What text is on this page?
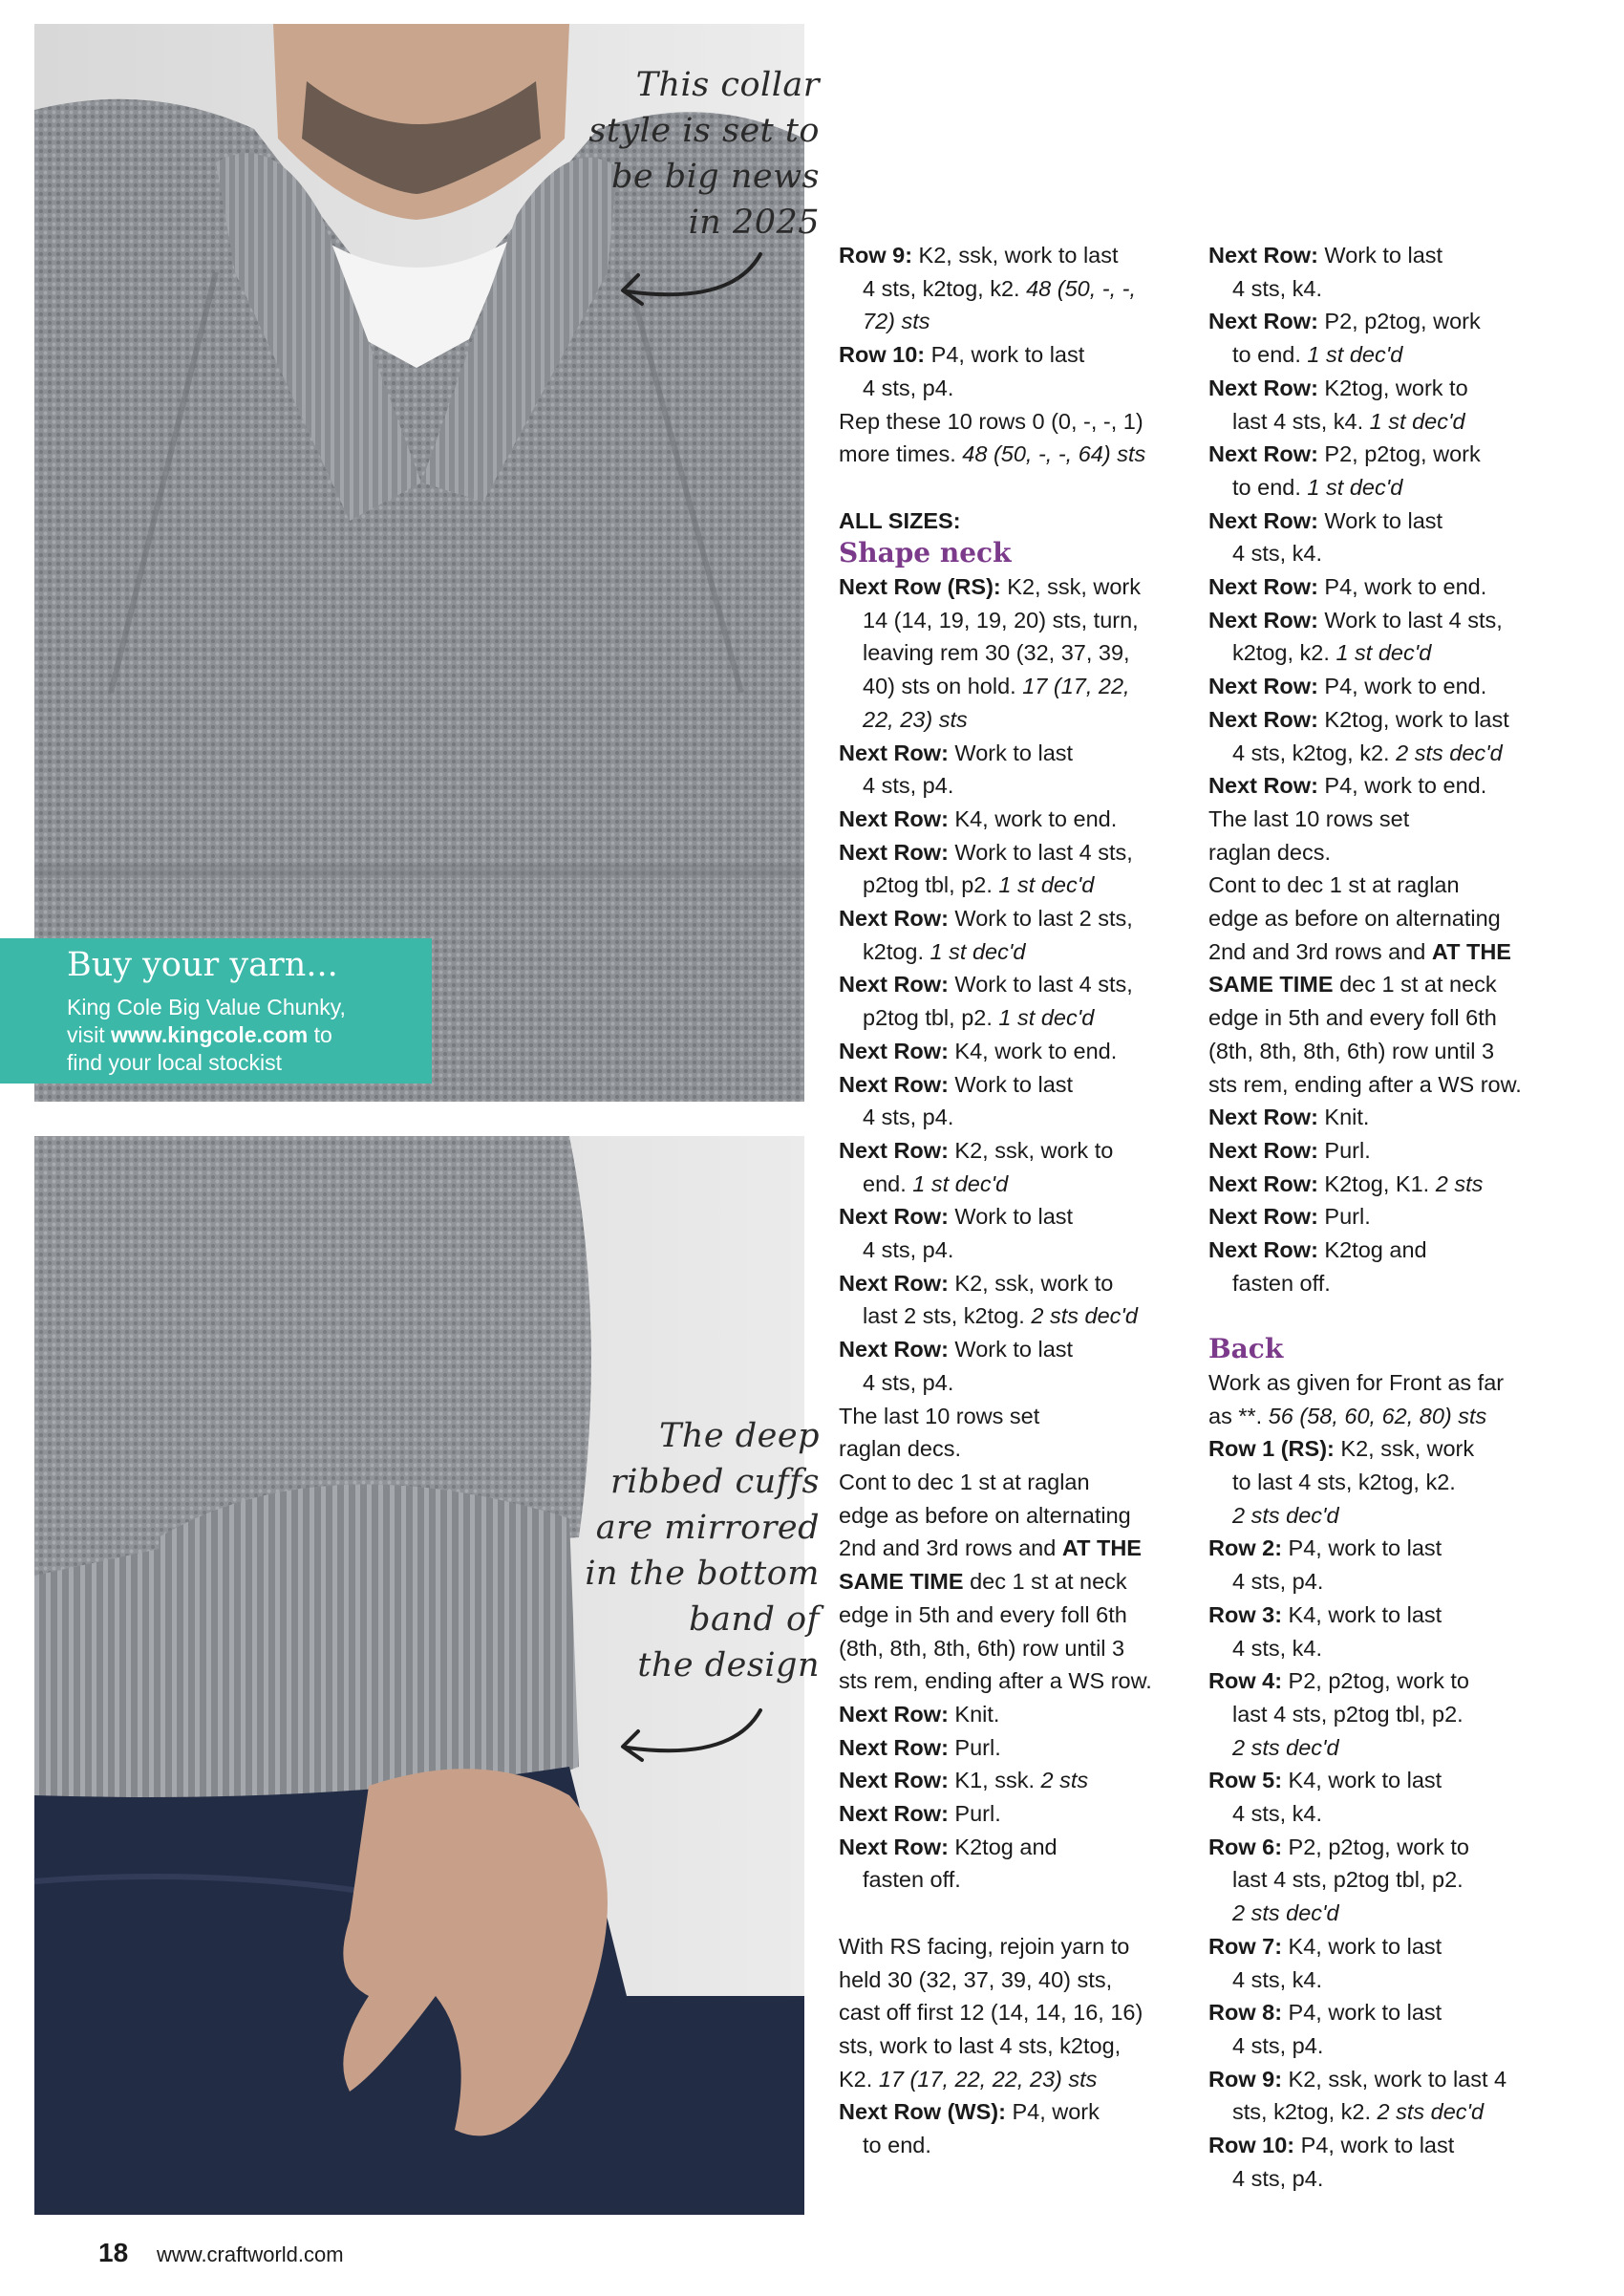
This collar
style is set to
be big news
in 2025
Buy your yarn...
King Cole Big Value Chunky,
visit www.kingcole.com to
find your local stockist
The deep
ribbed cuffs
are mirrored
in the bottom
band of
the design
Row 9: K2, ssk, work to last
4 sts, k2tog, k2. 48 (50, -, -,
72) sts
Row 10: P4, work to last
4 sts, p4.
Rep these 10 rows 0 (0, -, -, 1)
more times. 48 (50, -, -, 64) sts
ALL SIZES:
Shape neck
Next Row (RS): K2, ssk, work
14 (14, 19, 19, 20) sts, turn,
leaving rem 30 (32, 37, 39,
40) sts on hold. 17 (17, 22,
22, 23) sts
Next Row: Work to last
4 sts, p4.
Next Row: K4, work to end.
Next Row: Work to last 4 sts,
p2tog tbl, p2. 1 st dec'd
Next Row: Work to last 2 sts,
k2tog. 1 st dec'd
Next Row: Work to last 4 sts,
p2tog tbl, p2. 1 st dec'd
Next Row: K4, work to end.
Next Row: Work to last
4 sts, p4.
Next Row: K2, ssk, work to
end. 1 st dec'd
Next Row: Work to last
4 sts, p4.
Next Row: K2, ssk, work to
last 2 sts, k2tog. 2 sts dec'd
Next Row: Work to last
4 sts, p4.
The last 10 rows set
raglan decs.
Cont to dec 1 st at raglan
edge as before on alternating
2nd and 3rd rows and AT THE
SAME TIME dec 1 st at neck
edge in 5th and every foll 6th
(8th, 8th, 8th, 6th) row until 3
sts rem, ending after a WS row.
Next Row: Knit.
Next Row: Purl.
Next Row: K1, ssk. 2 sts
Next Row: Purl.
Next Row: K2tog and
fasten off.
With RS facing, rejoin yarn to
held 30 (32, 37, 39, 40) sts,
cast off first 12 (14, 14, 16, 16)
sts, work to last 4 sts, k2tog,
K2. 17 (17, 22, 22, 23) sts
Next Row (WS): P4, work
to end.
Next Row: Work to last
4 sts, k4.
Next Row: P2, p2tog, work
to end. 1 st dec'd
Next Row: K2tog, work to
last 4 sts, k4. 1 st dec'd
Next Row: P2, p2tog, work
to end. 1 st dec'd
Next Row: Work to last
4 sts, k4.
Next Row: P4, work to end.
Next Row: Work to last 4 sts,
k2tog, k2. 1 st dec'd
Next Row: P4, work to end.
Next Row: K2tog, work to last
4 sts, k2tog, k2. 2 sts dec'd
Next Row: P4, work to end.
The last 10 rows set
raglan decs.
Cont to dec 1 st at raglan
edge as before on alternating
2nd and 3rd rows and AT THE
SAME TIME dec 1 st at neck
edge in 5th and every foll 6th
(8th, 8th, 8th, 6th) row until 3
sts rem, ending after a WS row.
Next Row: Knit.
Next Row: Purl.
Next Row: K2tog, K1. 2 sts
Next Row: Purl.
Next Row: K2tog and
fasten off.
Back
Work as given for Front as far
as **. 56 (58, 60, 62, 80) sts
Row 1 (RS): K2, ssk, work
to last 4 sts, k2tog, k2.
2 sts dec'd
Row 2: P4, work to last
4 sts, p4.
Row 3: K4, work to last
4 sts, k4.
Row 4: P2, p2tog, work to
last 4 sts, p2tog tbl, p2.
2 sts dec'd
Row 5: K4, work to last
4 sts, k4.
Row 6: P2, p2tog, work to
last 4 sts, p2tog tbl, p2.
2 sts dec'd
Row 7: K4, work to last
4 sts, k4.
Row 8: P4, work to last
4 sts, p4.
Row 9: K2, ssk, work to last 4
sts, k2tog, k2. 2 sts dec'd
Row 10: P4, work to last
4 sts, p4.
18 www.craftworld.com
